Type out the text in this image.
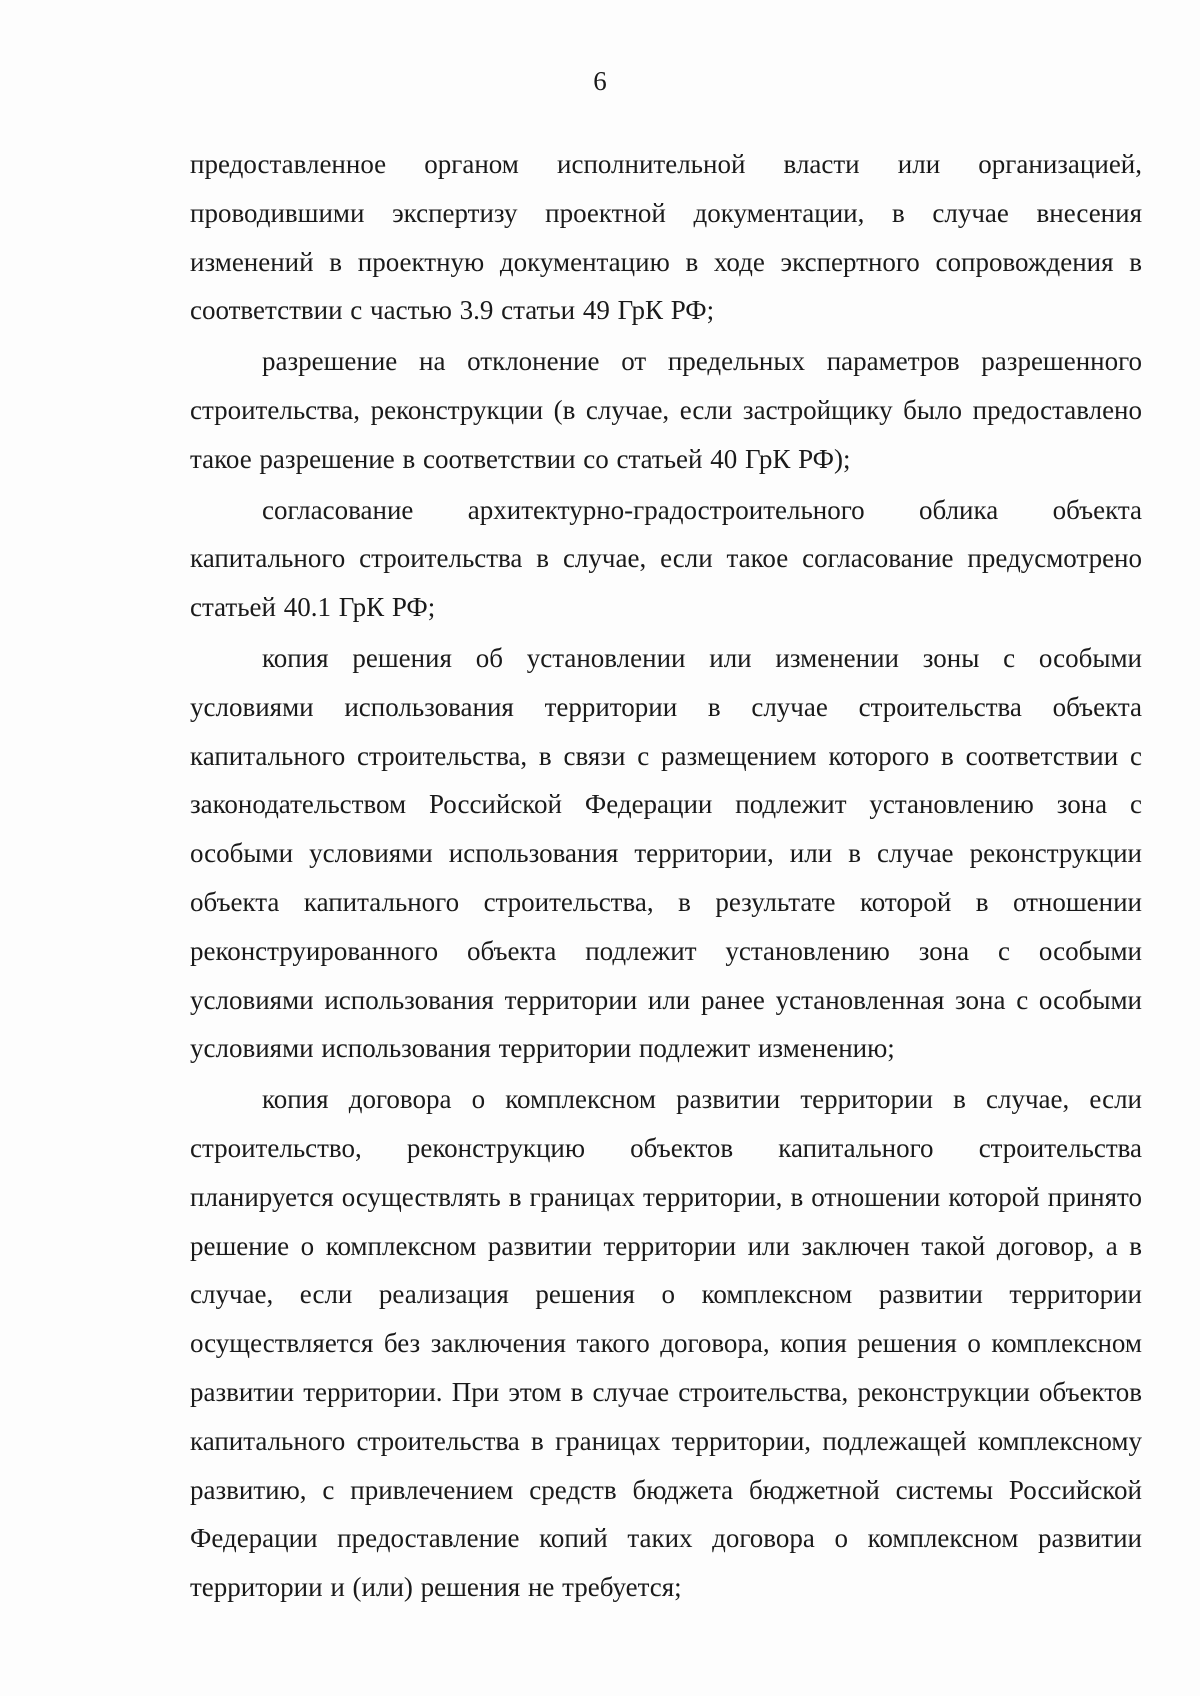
6

предоставленное органом исполнительной власти или организацией, проводившими экспертизу проектной документации, в случае внесения изменений в проектную документацию в ходе экспертного сопровождения в соответствии с частью 3.9 статьи 49 ГрК РФ;

разрешение на отклонение от предельных параметров разрешенного строительства, реконструкции (в случае, если застройщику было предоставлено такое разрешение в соответствии со статьей 40 ГрК РФ);

согласование архитектурно-градостроительного облика объекта капитального строительства в случае, если такое согласование предусмотрено статьей 40.1 ГрК РФ;

копия решения об установлении или изменении зоны с особыми условиями использования территории в случае строительства объекта капитального строительства, в связи с размещением которого в соответствии с законодательством Российской Федерации подлежит установлению зона с особыми условиями использования территории, или в случае реконструкции объекта капитального строительства, в результате которой в отношении реконструированного объекта подлежит установлению зона с особыми условиями использования территории или ранее установленная зона с особыми условиями использования территории подлежит изменению;

копия договора о комплексном развитии территории в случае, если строительство, реконструкцию объектов капитального строительства планируется осуществлять в границах территории, в отношении которой принято решение о комплексном развитии территории или заключен такой договор, а в случае, если реализация решения о комплексном развитии территории осуществляется без заключения такого договора, копия решения о комплексном развитии территории. При этом в случае строительства, реконструкции объектов капитального строительства в границах территории, подлежащей комплексному развитию, с привлечением средств бюджета бюджетной системы Российской Федерации предоставление копий таких договора о комплексном развитии территории и (или) решения не требуется;
